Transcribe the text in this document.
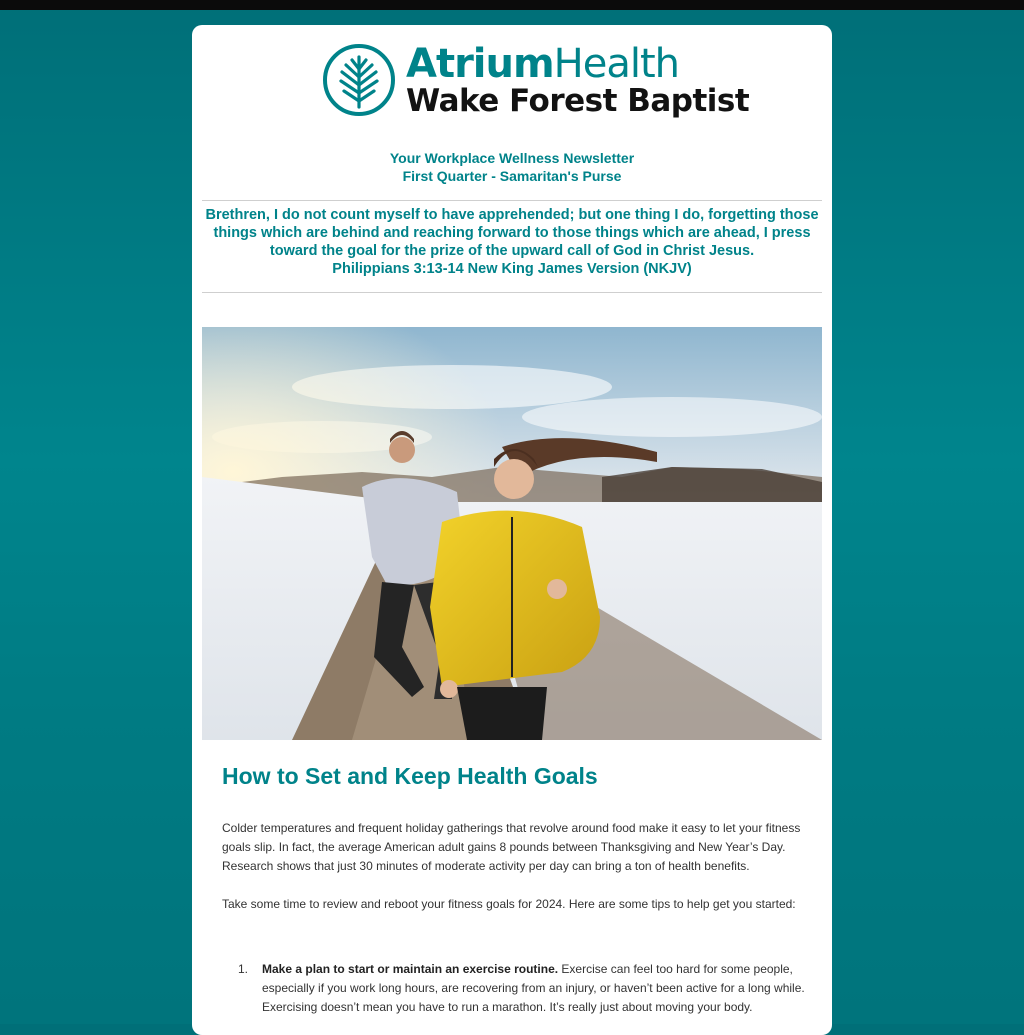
AtriumHealth
Wake Forest Baptist
Your Workplace Wellness Newsletter
First Quarter - Samaritan's Purse
Brethren, I do not count myself to have apprehended; but one thing I do, forgetting those things which are behind and reaching forward to those things which are ahead, I press toward the goal for the prize of the upward call of God in Christ Jesus.
Philippians 3:13-14 New King James Version (NKJV)
How to Set and Keep Health Goals

Colder temperatures and frequent holiday gatherings that revolve around food make it easy to let your fitness goals slip. In fact, the average American adult gains 8 pounds between Thanksgiving and New Year’s Day. Research shows that just 30 minutes of moderate activity per day can bring a ton of health benefits.

Take some time to review and reboot your fitness goals for 2024. Here are some tips to help get you started:

1. Make a plan to start or maintain an exercise routine. Exercise can feel too hard for some people, especially if you work long hours, are recovering from an injury, or haven’t been active for a long while. Exercising doesn’t mean you have to run a marathon. It’s really just about moving your body.
